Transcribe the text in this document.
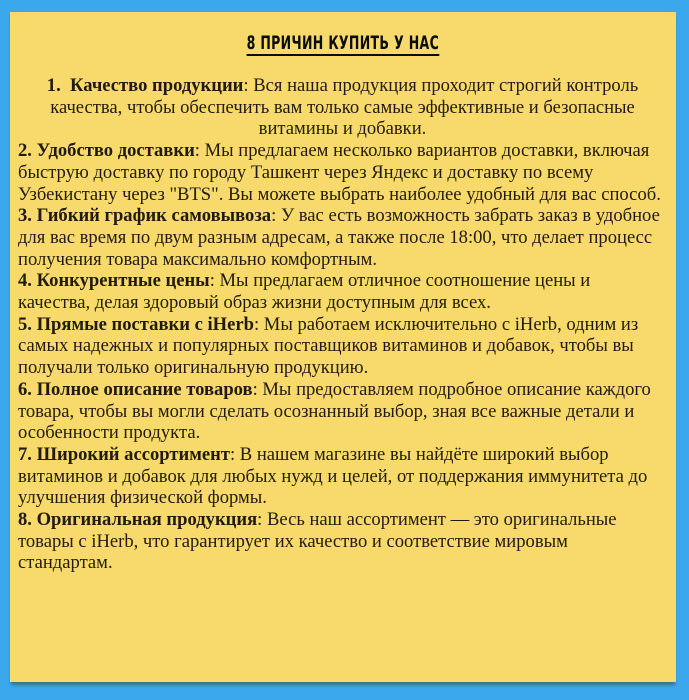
8 ПРИЧИН КУПИТЬ У НАС

1.  Качество продукции: Вся наша продукция проходит строгий контроль качества, чтобы обеспечить вам только самые эффективные и безопасные витамины и добавки.

2. Удобство доставки: Мы предлагаем несколько вариантов доставки, включая быструю доставку по городу Ташкент через Яндекс и доставку по всему Узбекистану через "BTS". Вы можете выбрать наиболее удобный для вас способ.

3. Гибкий график самовывоза: У вас есть возможность забрать заказ в удобное для вас время по двум разным адресам, а также после 18:00, что делает процесс получения товара максимально комфортным.

4. Конкурентные цены: Мы предлагаем отличное соотношение цены и качества, делая здоровый образ жизни доступным для всех.

5. Прямые поставки с iHerb: Мы работаем исключительно с iHerb, одним из самых надежных и популярных поставщиков витаминов и добавок, чтобы вы получали только оригинальную продукцию.

6. Полное описание товаров: Мы предоставляем подробное описание каждого товара, чтобы вы могли сделать осознанный выбор, зная все важные детали и особенности продукта.

7. Широкий ассортимент: В нашем магазине вы найдёте широкий выбор витаминов и добавок для любых нужд и целей, от поддержания иммунитета до улучшения физической формы.

8. Оригинальная продукция: Весь наш ассортимент — это оригинальные товары с iHerb, что гарантирует их качество и соответствие мировым стандартам.
